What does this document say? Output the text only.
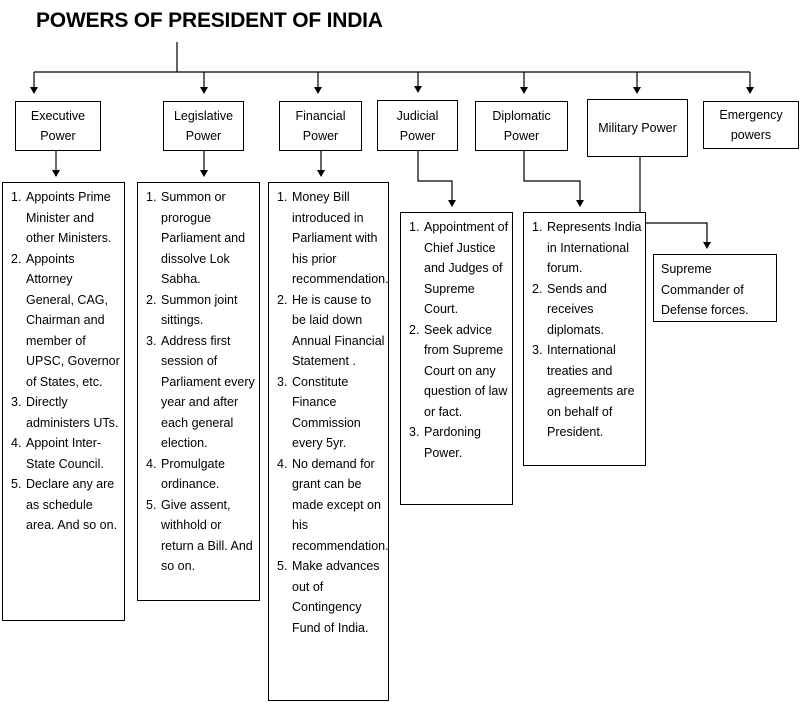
POWERS OF PRESIDENT OF INDIA
Executive Power
Legislative Power
Financial Power
Judicial Power
Diplomatic Power
Military Power
Emergency powers
1. Appoints Prime Minister and other Ministers.
2. Appoints Attorney General, CAG, Chairman and member of UPSC, Governor of States, etc.
3. Directly administers UTs.
4. Appoint Inter-State Council.
5. Declare any are as schedule area. And so on.
1. Summon or prorogue Parliament and dissolve Lok Sabha.
2. Summon joint sittings.
3. Address first session of Parliament every year and after each general election.
4. Promulgate ordinance.
5. Give assent, withhold or return a Bill. And so on.
1. Money Bill introduced in Parliament with his prior recommendation.
2. He is cause to be laid down Annual Financial Statement .
3. Constitute Finance Commission every 5yr.
4. No demand for grant can be made except on his recommendation.
5. Make advances out of Contingency Fund of India.
1. Appointment of Chief Justice and Judges of Supreme Court.
2. Seek advice from Supreme Court on any question of law or fact.
3. Pardoning Power.
1. Represents India in International forum.
2. Sends and receives diplomats.
3. International treaties and agreements are on behalf of President.

Supreme Commander of Defense forces.
